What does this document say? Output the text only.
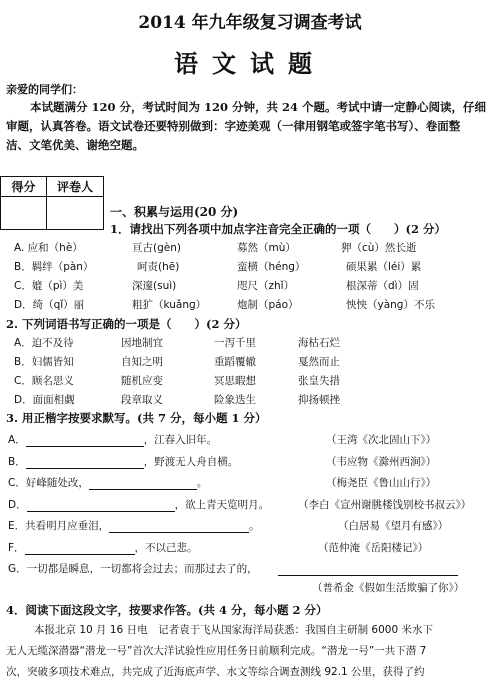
2014 年九年级复习调查考试
语文试题
亲爱的同学们：
本试题满分 120 分，考试时间为 120 分钟，共 24 个题。考试中请一定静心阅读，仔细
审题，认真答卷。语文试卷还要特别做到：字迹美观（一律用钢笔或签字笔书写）、卷面整
洁、文笔优美、谢绝空题。
得分	评卷人

一、积累与运用(20 分)
1．请找出下列各项中加点字注音完全正确的一项（　　）(2 分）
A. 应和（hè）	亘古(gèn)	募然（mù）	狎（cù）然长逝
B．羁绊（pàn）	呵责(hē)	蛮横（hénɡ）	硕果累（léi）累
C．媲（pì）美	深邃(suì)	咫尺（zhǐ）	根深蒂（dì）固
D．绮（qǐ）丽	粗犷（kuǎnɡ）	炮制（páo）	怏怏（yànɡ）不乐
2. 下列词语书写正确的一项是（　　）(2 分）
A．迫不及待	因地制宜	一泻千里	海枯石烂
B．妇儒皆知	自知之明	重蹈覆辙	戛然而止
C．顾名思义	随机应变	冥思暇想	张皇失措
D．面面相觑	段章取义	险象迭生	抑扬顿挫
3. 用正楷字按要求默写。(共 7 分，每小题 1 分）
A．	，江春入旧年。	（王湾《次北固山下》）
B．	，野渡无人舟自横。	（韦应物《滁州西涧》）
C．好峰随处改，	。	（梅尧臣《鲁山山行》）
D．	，欲上青天览明月。	（李白《宣州谢朓楼饯别校书叔云》）
E．共看明月应垂泪，	。	（白居易《望月有感》）
F．	，不以己悲。	（范仲淹《岳阳楼记》）
G．一切都是瞬息，一切都将会过去；而那过去了的，
（普希金《假如生活欺骗了你》）
4．阅读下面这段文字，按要求作答。(共 4 分，每小题 2 分）
本报北京 10 月 16 日电　记者袁于飞从国家海洋局获悉：我国自主研制 6000 米水下
无人无缆深潜器“潜龙一号”首次大洋试验性应用任务日前顺利完成。“潜龙一号”一共下潜 7
次，突破多项技术难点，共完成了近海底声学、水文等综合调查测线 92.1 公里，获得了约
